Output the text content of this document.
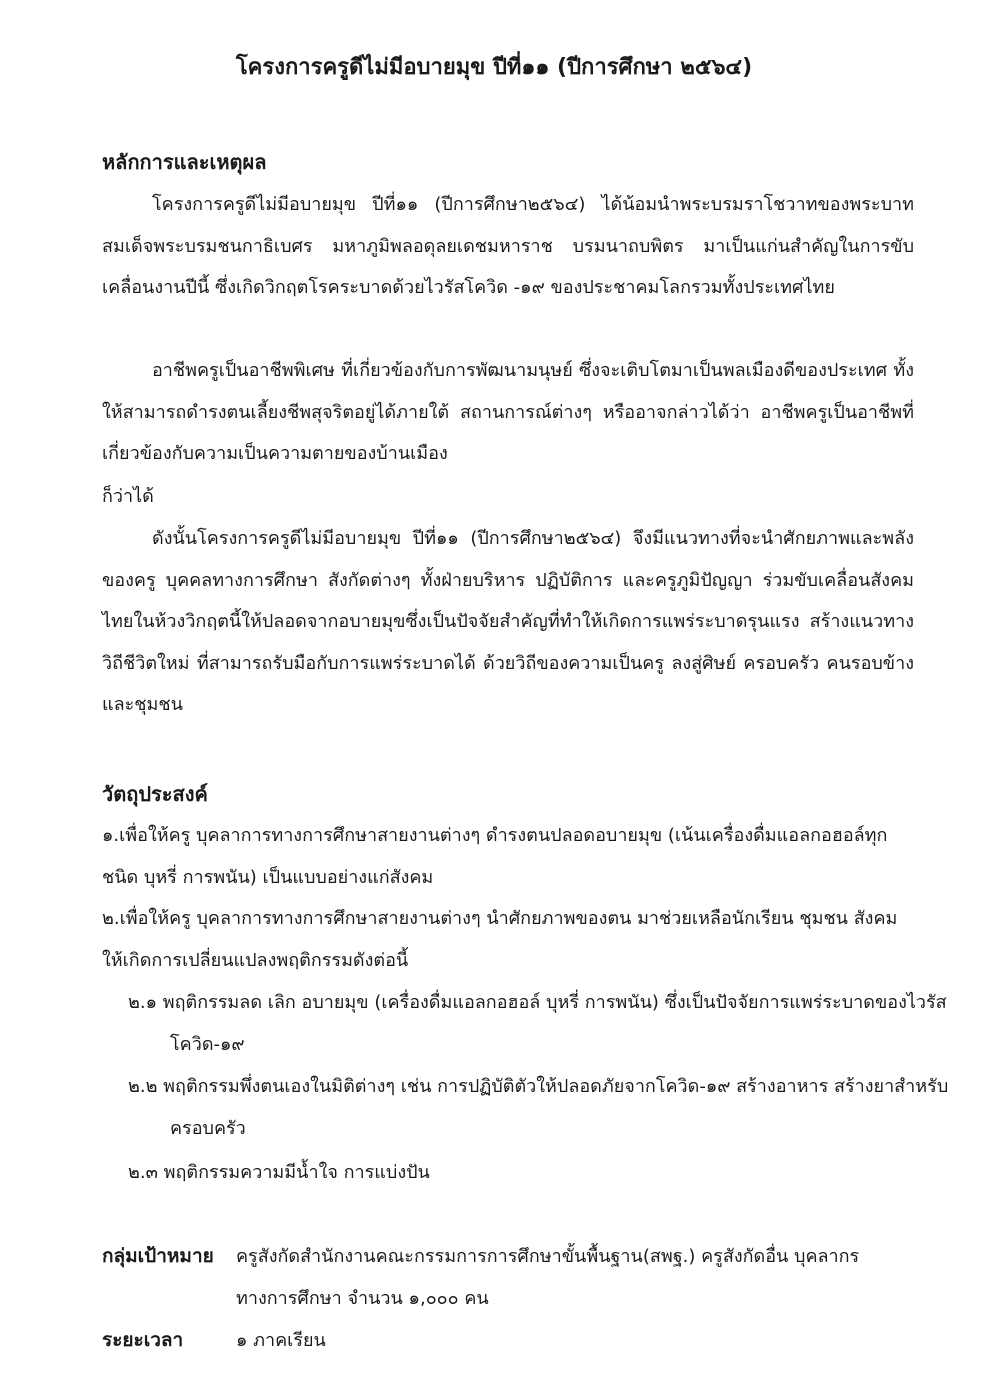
โครงการครูดีไม่มีอบายมุข ปีที่๑๑ (ปีการศึกษา ๒๕๖๔)
หลักการและเหตุผล

โครงการครูดีไม่มีอบายมุข ปีที่๑๑ (ปีการศึกษา๒๕๖๔) ได้น้อมนำพระบรมราโชวาทของพระบาทสมเด็จพระบรมชนกาธิเบศร มหาภูมิพลอดุลยเดชมหาราช บรมนาถบพิตร มาเป็นแก่นสำคัญในการขับเคลื่อนงานปีนี้ ซึ่งเกิดวิกฤตโรคระบาดด้วยไวรัสโควิด -๑๙ ของประชาคมโลกรวมทั้งประเทศไทย

อาชีพครูเป็นอาชีพพิเศษ ที่เกี่ยวข้องกับการพัฒนามนุษย์ ซึ่งจะเติบโตมาเป็นพลเมืองดีของประเทศ ทั้งให้สามารถดำรงตนเลี้ยงชีพสุจริตอยู่ได้ภายใต้ สถานการณ์ต่างๆ หรืออาจกล่าวได้ว่า อาชีพครูเป็นอาชีพที่เกี่ยวข้องกับความเป็นความตายของบ้านเมือง

ก็ว่าได้

ดังนั้นโครงการครูดีไม่มีอบายมุข ปีที่๑๑ (ปีการศึกษา๒๕๖๔) จึงมีแนวทางที่จะนำศักยภาพและพลังของครู บุคคลทางการศึกษา สังกัดต่างๆ ทั้งฝ่ายบริหาร ปฏิบัติการ และครูภูมิปัญญา ร่วมขับเคลื่อนสังคมไทยในห้วงวิกฤตนี้ให้ปลอดจากอบายมุขซึ่งเป็นปัจจัยสำคัญที่ทำให้เกิดการแพร่ระบาดรุนแรง สร้างแนวทางวิถีชีวิตใหม่ ที่สามารถรับมือกับการแพร่ระบาดได้ ด้วยวิถีของความเป็นครู ลงสู่ศิษย์ ครอบครัว คนรอบข้าง และชุมชน

วัตถุประสงค์

๑.เพื่อให้ครู บุคลาการทางการศึกษาสายงานต่างๆ ดำรงตนปลอดอบายมุข (เน้นเครื่องดื่มแอลกอฮอล์ทุกชนิด บุหรี่ การพนัน) เป็นแบบอย่างแก่สังคม

๒.เพื่อให้ครู บุคลาการทางการศึกษาสายงานต่างๆ นำศักยภาพของตน มาช่วยเหลือนักเรียน ชุมชน สังคมให้เกิดการเปลี่ยนแปลงพฤติกรรมดังต่อนี้

๒.๑ พฤติกรรมลด เลิก อบายมุข (เครื่องดื่มแอลกอฮอล์ บุหรี่ การพนัน) ซึ่งเป็นปัจจัยการแพร่ระบาดของไวรัสโควิด-๑๙

๒.๒ พฤติกรรมพึ่งตนเองในมิติต่างๆ เช่น การปฏิบัติตัวให้ปลอดภัยจากโควิด-๑๙ สร้างอาหาร สร้างยาสำหรับครอบครัว

๒.๓ พฤติกรรมความมีน้ำใจ การแบ่งปัน

กลุ่มเป้าหมาย	ครูสังกัดสำนักงานคณะกรรมการการศึกษาขั้นพื้นฐาน(สพฐ.) ครูสังกัดอื่น บุคลากรทางการศึกษา จำนวน ๑,๐๐๐ คน
ระยะเวลา	๑ ภาคเรียน
